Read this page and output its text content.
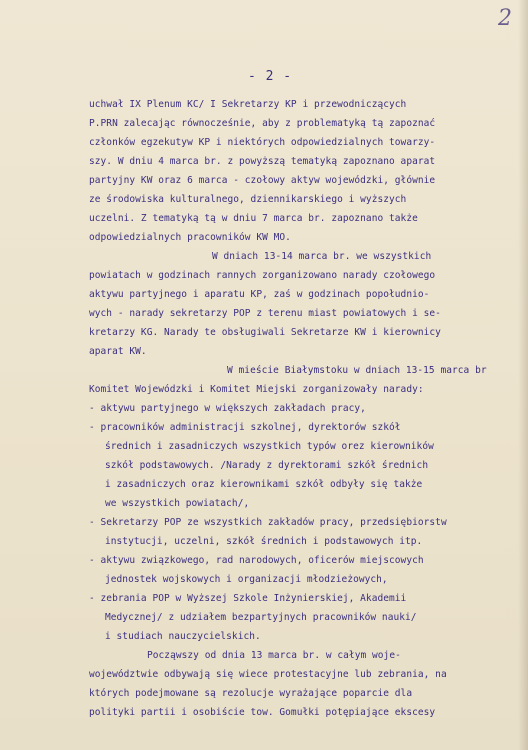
2
- 2 -
uchwał IX Plenum KC/ I Sekretarzy KP i przewodniczących
P.PRN zalecając równocześnie, aby z problematyką tą zapoznać
członków egzekutyw KP i niektórych odpowiedzialnych towarzy-
szy. W dniu 4 marca br. z powyższą tematyką zapoznano aparat
partyjny KW oraz 6 marca - czołowy aktyw wojewódzki, głównie
ze środowiska kulturalnego, dziennikarskiego i wyższych
uczelni. Z tematyką tą w dniu 7 marca br. zapoznano także
odpowiedzialnych pracowników KW MO.
W dniach 13-14 marca br. we wszystkich
powiatach w godzinach rannych zorganizowano narady czołowego
aktywu partyjnego i aparatu KP, zaś w godzinach popołudnio-
wych - narady sekretarzy POP z terenu miast powiatowych i se-
kretarzy KG. Narady te obsługiwali Sekretarze KW i kierownicy
aparat KW.
W mieście Białymstoku w dniach 13-15 marca br
Komitet Wojewódzki i Komitet Miejski zorganizowały narady:
- aktywu partyjnego w większych zakładach pracy,
- pracowników administracji szkolnej, dyrektorów szkół
średnich i zasadniczych wszystkich typów orez kierowników
szkół podstawowych. /Narady z dyrektorami szkół średnich
i zasadniczych oraz kierownikami szkół odbyły się także
we wszystkich powiatach/,
- Sekretarzy POP ze wszystkich zakładów pracy, przedsiębiorstw
instytucji, uczelni, szkół średnich i podstawowych itp.
- aktywu związkowego, rad narodowych, oficerów miejscowych
jednostek wojskowych i organizacji młodzieżowych,
- zebrania POP w Wyższej Szkole Inżynierskiej, Akademii
Medycznej/ z udziałem bezpartyjnych pracowników nauki/
i studiach nauczycielskich.
Począwszy od dnia 13 marca br. w całym woje-
województwie odbywają się wiece protestacyjne lub zebrania, na
których podejmowane są rezolucje wyrażające poparcie dla
polityki partii i osobiście tow. Gomułki potępiające ekscesy
